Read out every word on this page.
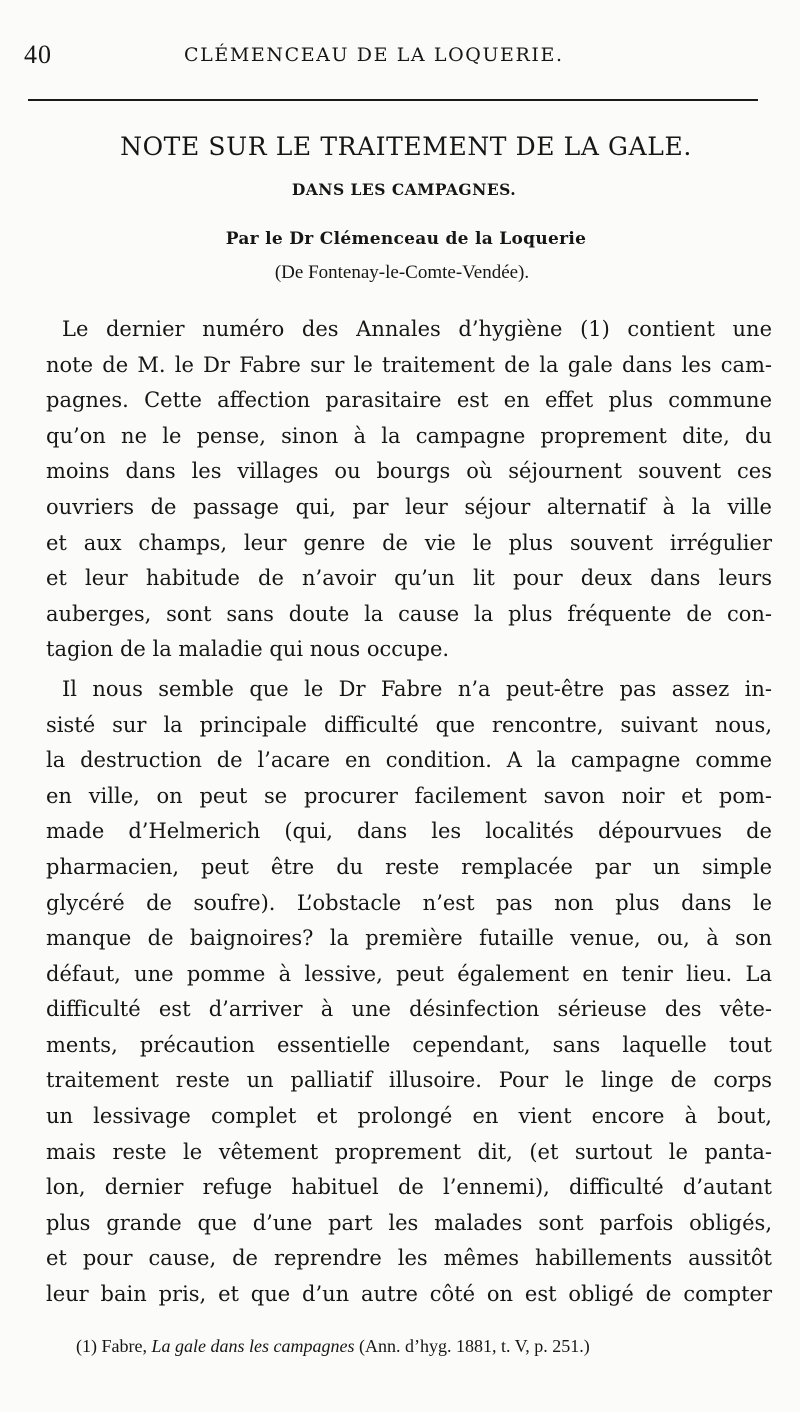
40	CLÉMENCEAU DE LA LOQUERIE.
NOTE SUR LE TRAITEMENT DE LA GALE.
DANS LES CAMPAGNES.
Par le Dr Clémenceau de la Loquerie
(De Fontenay-le-Comte-Vendée).
Le dernier numéro des Annales d’hygiène (1) contient une
note de M. le Dr Fabre sur le traitement de la gale dans les cam-
pagnes. Cette affection parasitaire est en effet plus commune
qu’on ne le pense, sinon à la campagne proprement dite, du
moins dans les villages ou bourgs où séjournent souvent ces
ouvriers de passage qui, par leur séjour alternatif à la ville
et aux champs, leur genre de vie le plus souvent irrégulier
et leur habitude de n’avoir qu’un lit pour deux dans leurs
auberges, sont sans doute la cause la plus fréquente de con-
tagion de la maladie qui nous occupe.
Il nous semble que le Dr Fabre n’a peut-être pas assez in-
sisté sur la principale difficulté que rencontre, suivant nous,
la destruction de l’acare en condition. A la campagne comme
en ville, on peut se procurer facilement savon noir et pom-
made d’Helmerich (qui, dans les localités dépourvues de
pharmacien, peut être du reste remplacée par un simple
glycéré de soufre). L’obstacle n’est pas non plus dans le
manque de baignoires? la première futaille venue, ou, à son
défaut, une pomme à lessive, peut également en tenir lieu. La
difficulté est d’arriver à une désinfection sérieuse des vête-
ments, précaution essentielle cependant, sans laquelle tout
traitement reste un palliatif illusoire. Pour le linge de corps
un lessivage complet et prolongé en vient encore à bout,
mais reste le vêtement proprement dit, (et surtout le panta-
lon, dernier refuge habituel de l’ennemi), difficulté d’autant
plus grande que d’une part les malades sont parfois obligés,
et pour cause, de reprendre les mêmes habillements aussitôt
leur bain pris, et que d’un autre côté on est obligé de compter
(1) Fabre, La gale dans les campagnes (Ann. d’hyg. 1881, t. V, p. 251.)
